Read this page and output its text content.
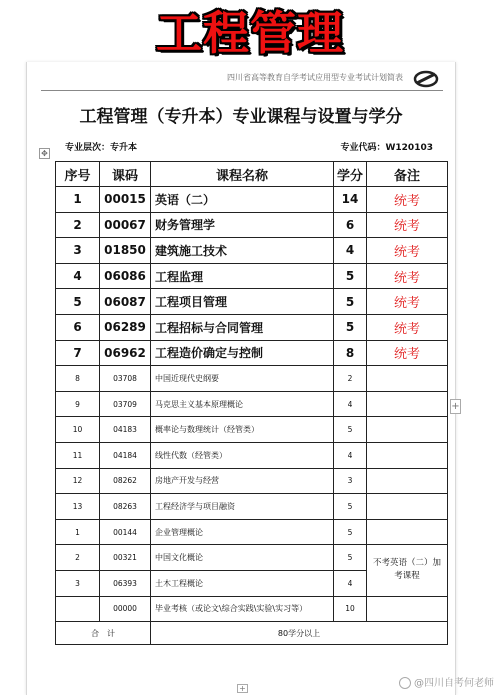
工程管理
四川省高等教育自学考试应用型专业考试计划简表
工程管理（专升本）专业课程与设置与学分
专业层次：专升本	专业代码：W120103
✥
序号	课码	课程名称	学分	备注
1	00015	英语（二）	14	统考
2	00067	财务管理学	6	统考
3	01850	建筑施工技术	4	统考
4	06086	工程监理	5	统考
5	06087	工程项目管理	5	统考
6	06289	工程招标与合同管理	5	统考
7	06962	工程造价确定与控制	8	统考
8	03708	中国近现代史纲要	2	
9	03709	马克思主义基本原理概论	4	
10	04183	概率论与数理统计（经管类）	5	
11	04184	线性代数（经管类）	4	
12	08262	房地产开发与经营	3	
13	08263	工程经济学与项目融资	5	
1	00144	企业管理概论	5	
2	00321	中国文化概论	5	不考英语（二）加考课程
3	06393	土木工程概论	4	
	00000	毕业考核（或论文\综合实践\实验\实习等）	10	
合　计		80学分以上		
+
+	@四川自考何老师
